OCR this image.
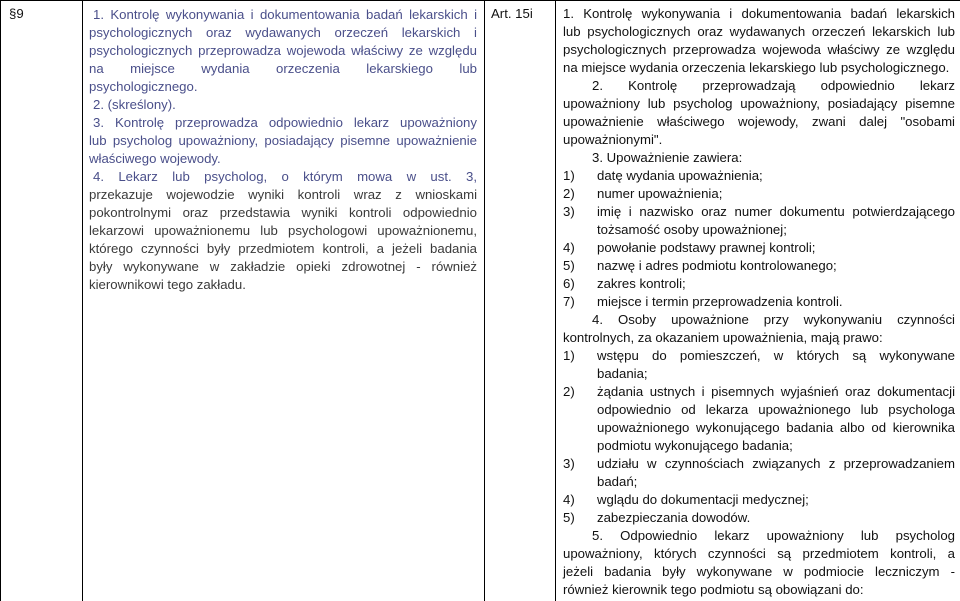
§9	1. Kontrolę wykonywania i dokumentowania badań lekarskich i
psychologicznych oraz wydawanych orzeczeń lekarskich i
psychologicznych przeprowadza wojewoda właściwy ze względu
na miejsce wydania orzeczenia lekarskiego lub
psychologicznego.
2. (skreślony).
3. Kontrolę przeprowadza odpowiednio lekarz upoważniony
lub psycholog upoważniony, posiadający pisemne upoważnienie
właściwego wojewody.
4. Lekarz lub psycholog, o którym mowa w ust. 3,
przekazuje wojewodzie wyniki kontroli wraz z wnioskami
pokontrolnymi oraz przedstawia wyniki kontroli odpowiednio
lekarzowi upoważnionemu lub psychologowi upoważnionemu,
którego czynności były przedmiotem kontroli, a jeżeli badania
były wykonywane w zakładzie opieki zdrowotnej - również
kierownikowi tego zakładu.
Art. 15i 1. Kontrolę wykonywania i dokumentowania badań lekarskich
lub psychologicznych oraz wydawanych orzeczeń lekarskich lub
psychologicznych przeprowadza wojewoda właściwy ze względu
na miejsce wydania orzeczenia lekarskiego lub psychologicznego.
2. Kontrolę przeprowadzają odpowiednio lekarz
upoważniony lub psycholog upoważniony, posiadający pisemne
upoważnienie właściwego wojewody, zwani dalej "osobami
upoważnionymi".
3. Upoważnienie zawiera:
1) datę wydania upoważnienia;
2) numer upoważnienia;
3) imię i nazwisko oraz numer dokumentu potwierdzającego
tożsamość osoby upoważnionej;
4) powołanie podstawy prawnej kontroli;
5) nazwę i adres podmiotu kontrolowanego;
6) zakres kontroli;
7) miejsce i termin przeprowadzenia kontroli.
4. Osoby upoważnione przy wykonywaniu czynności
kontrolnych, za okazaniem upoważnienia, mają prawo:
1) wstępu do pomieszczeń, w których są wykonywane
badania;
2) żądania ustnych i pisemnych wyjaśnień oraz dokumentacji
odpowiednio od lekarza upoważnionego lub psychologa
upoważnionego wykonującego badania albo od kierownika
podmiotu wykonującego badania;
3) udziału w czynnościach związanych z przeprowadzaniem
badań;
4) wglądu do dokumentacji medycznej;
5) zabezpieczania dowodów.
5. Odpowiednio lekarz upoważniony lub psycholog
upoważniony, których czynności są przedmiotem kontroli, a
jeżeli badania były wykonywane w podmiocie leczniczym -
również kierownik tego podmiotu są obowiązani do:
